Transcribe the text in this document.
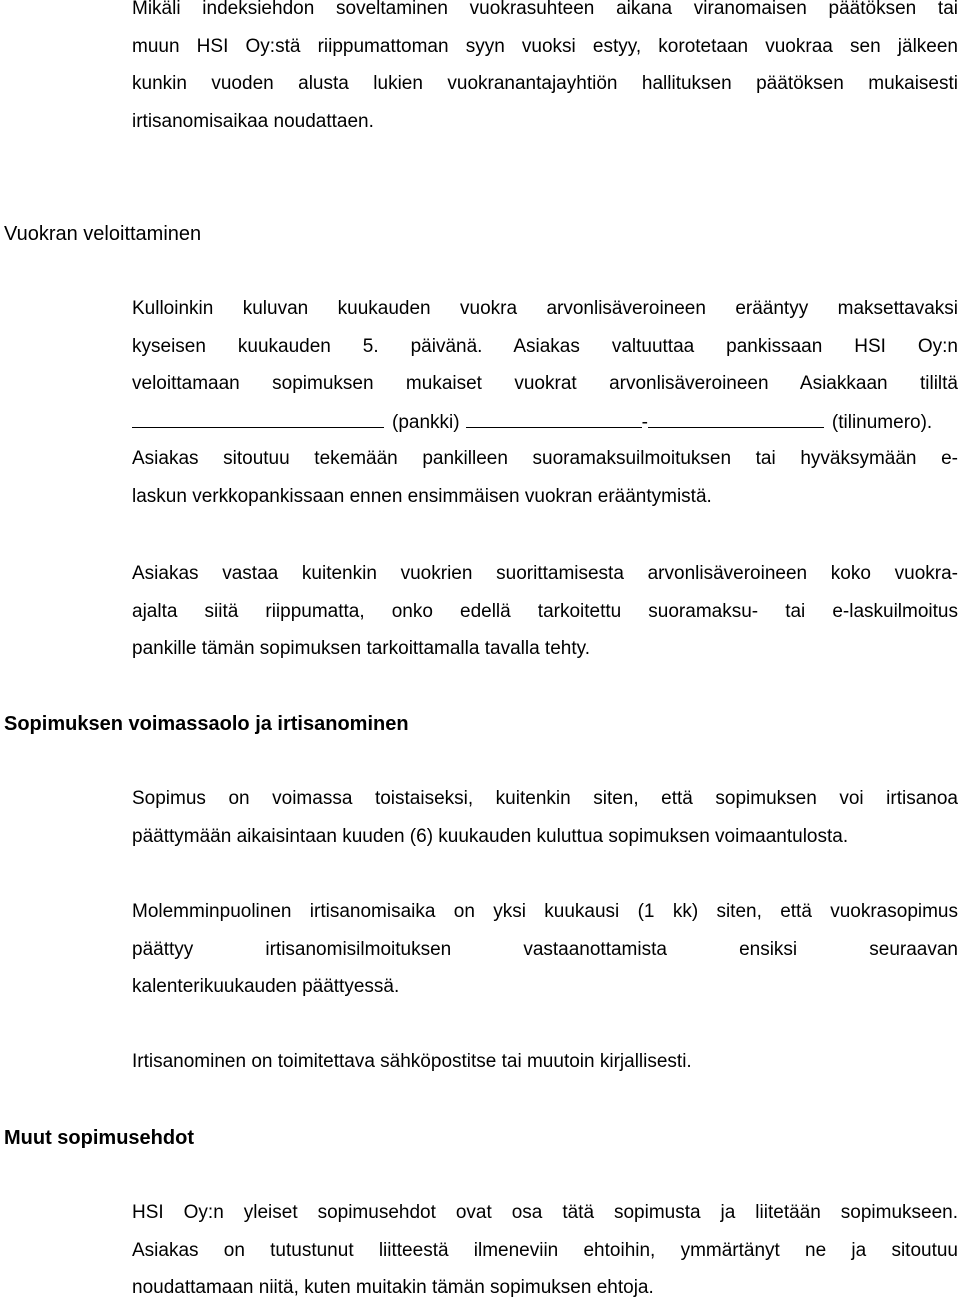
Mikäli indeksiehdon soveltaminen vuokrasuhteen aikana viranomaisen päätöksen tai
muun HSI Oy:stä riippumattoman syyn vuoksi estyy, korotetaan vuokraa sen jälkeen
kunkin vuoden alusta lukien vuokranantajayhtiön hallituksen päätöksen mukaisesti
irtisanomisaikaa noudattaen.
Vuokran veloittaminen
Kulloinkin kuluvan kuukauden vuokra arvonlisäveroineen erääntyy maksettavaksi
kyseisen kuukauden 5. päivänä. Asiakas valtuuttaa pankissaan HSI Oy:n
veloittamaan sopimuksen mukaiset vuokrat arvonlisäveroineen Asiakkaan tililtä
(pankki)	-	(tilinumero).
Asiakas sitoutuu tekemään pankilleen suoramaksuilmoituksen tai hyväksymään e-
laskun verkkopankissaan ennen ensimmäisen vuokran erääntymistä.
Asiakas vastaa kuitenkin vuokrien suorittamisesta arvonlisäveroineen koko vuokra-
ajalta siitä riippumatta, onko edellä tarkoitettu suoramaksu- tai e-laskuilmoitus
pankille tämän sopimuksen tarkoittamalla tavalla tehty.
Sopimuksen voimassaolo ja irtisanominen
Sopimus on voimassa toistaiseksi, kuitenkin siten, että sopimuksen voi irtisanoa
päättymään aikaisintaan kuuden (6) kuukauden kuluttua sopimuksen voimaantulosta.
Molemminpuolinen irtisanomisaika on yksi kuukausi (1 kk) siten, että vuokrasopimus
päättyy irtisanomisilmoituksen vastaanottamista ensiksi seuraavan
kalenterikuukauden päättyessä.
Irtisanominen on toimitettava sähköpostitse tai muutoin kirjallisesti.
Muut sopimusehdot
HSI Oy:n yleiset sopimusehdot ovat osa tätä sopimusta ja liitetään sopimukseen.
Asiakas on tutustunut liitteestä ilmeneviin ehtoihin, ymmärtänyt ne ja sitoutuu
noudattamaan niitä, kuten muitakin tämän sopimuksen ehtoja.
